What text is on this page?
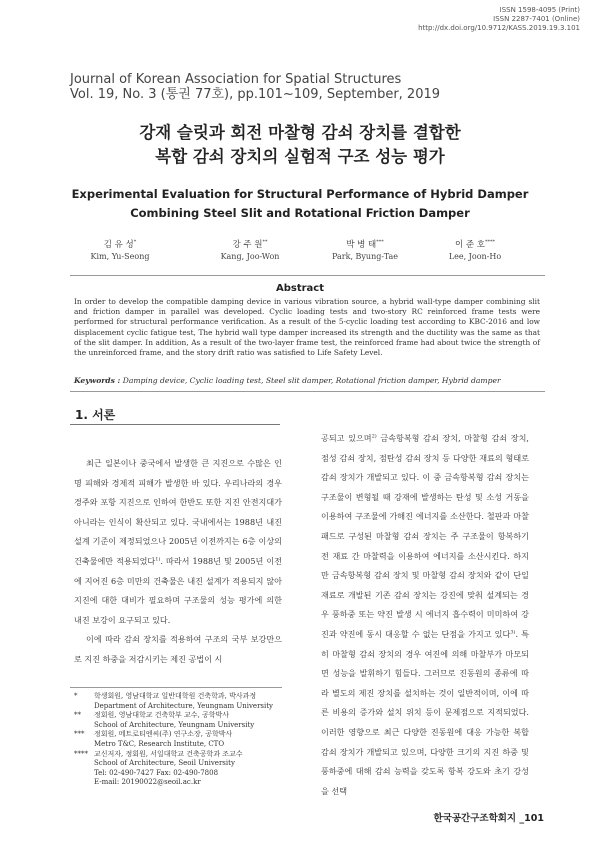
ISSN 1598-4095 (Print)
ISSN 2287-7401 (Online)
http://dx.doi.org/10.9712/KASS.2019.19.3.101
Journal of Korean Association for Spatial Structures
Vol. 19, No. 3 (통권 77호), pp.101~109, September, 2019
강재 슬릿과 회전 마찰형 감쇠 장치를 결합한
복합 감쇠 장치의 실험적 구조 성능 평가
Experimental Evaluation for Structural Performance of Hybrid Damper
Combining Steel Slit and Rotational Friction Damper
김 유 성*
Kim, Yu-Seong
강 주 원**
Kang, Joo-Won
박 병 태***
Park, Byung-Tae
이 준 호****
Lee, Joon-Ho
Abstract
In order to develop the compatible damping device in various vibration source, a hybrid wall-type damper combining slit and friction damper in parallel was developed. Cyclic loading tests and two-story RC reinforced frame tests were performed for structural performance verification. As a result of the 5-cyclic loading test according to KBC-2016 and low displacement cyclic fatigue test, The hybrid wall type damper increased its strength and the ductility was the same as that of the slit damper. In addition, As a result of the two-layer frame test, the reinforced frame had about twice the strength of the unreinforced frame, and the story drift ratio was satisfied to Life Safety Level.
Keywords : Damping device, Cyclic loading test, Steel slit damper, Rotational friction damper, Hybrid damper
1. 서론

최근 일본이나 중국에서 발생한 큰 지진으로 수많은 인명 피해와 경제적 피해가 발생한 바 있다. 우리나라의 경우 경주와 포항 지진으로 인하여 한반도 또한 지진 안전지대가 아니라는 인식이 확산되고 있다. 국내에서는 1988년 내진 설계 기준이 제정되었으나 2005년 이전까지는 6층 이상의 건축물에만 적용되었다$^{1)}$. 따라서 1988년 및 2005년 이전에 지어진 6층 미만의 건축물은 내진 설계가 적용되지 않아 지진에 대한 대비가 필요하며 구조물의 성능 평가에 의한 내진 보강이 요구되고 있다.

이에 따라 감쇠 장치를 적용하여 구조의 국부 보강만으로 지진 하중을 저감시키는 제진 공법이 시

공되고 있으며$^{2)}$ 금속항복형 감쇠 장치, 마찰형 감쇠 장치, 점성 감쇠 장치, 점탄성 감쇠 장치 등 다양한 재료의 형태로 감쇠 장치가 개발되고 있다. 이 중 금속항복형 감쇠 장치는 구조물이 변형될 때 강재에 발생하는 탄성 및 소성 거동을 이용하여 구조물에 가해진 에너지를 소산한다. 철판과 마찰 패드로 구성된 마찰형 감쇠 장치는 주 구조물이 항복하기 전 재료 간 마찰력을 이용하여 에너지를 소산시킨다. 하지만 금속항복형 감쇠 장치 및 마찰형 감쇠 장치와 같이 단일 재료로 개발된 기존 감쇠 장치는 강진에 맞춰 설계되는 경우 풍하중 또는 약진 발생 시 에너지 흡수력이 미미하여 강진과 약진에 동시 대응할 수 없는 단점을 가지고 있다$^{3)}$. 특히 마찰형 감쇠 장치의 경우 여진에 의해 마찰부가 마모되면 성능을 발휘하기 힘들다. 그러므로 진동원의 종류에 따라 별도의 제진 장치를 설치하는 것이 일반적이며, 이에 따른 비용의 증가와 설치 위치 등이 문제점으로 지적되었다. 이러한 영향으로 최근 다양한 진동원에 대응 가능한 복합 감쇠 장치가 개발되고 있으며, 다양한 크기의 지진 하중 및 풍하중에 대해 감쇠 능력을 갖도록 항복 강도와 초기 강성을 선택

*	학생회원, 영남대학교 일반대학원 건축학과, 박사과정
Department of Architecture, Yeungnam University
**	정회원, 영남대학교 건축학부 교수, 공학박사
School of Architecture, Yeungnam University
***	정회원, 메트로티엔씨(주) 연구소장, 공학박사
Metro T&C, Research Institute, CTO
**** 교신저자, 정회원, 서일대학교 건축공학과 조교수
School of Architecture, Seoil University
Tel: 02-490-7427 Fax: 02-490-7808
E-mail: 20190022@seoil.ac.kr
한국공간구조학회지 _101
